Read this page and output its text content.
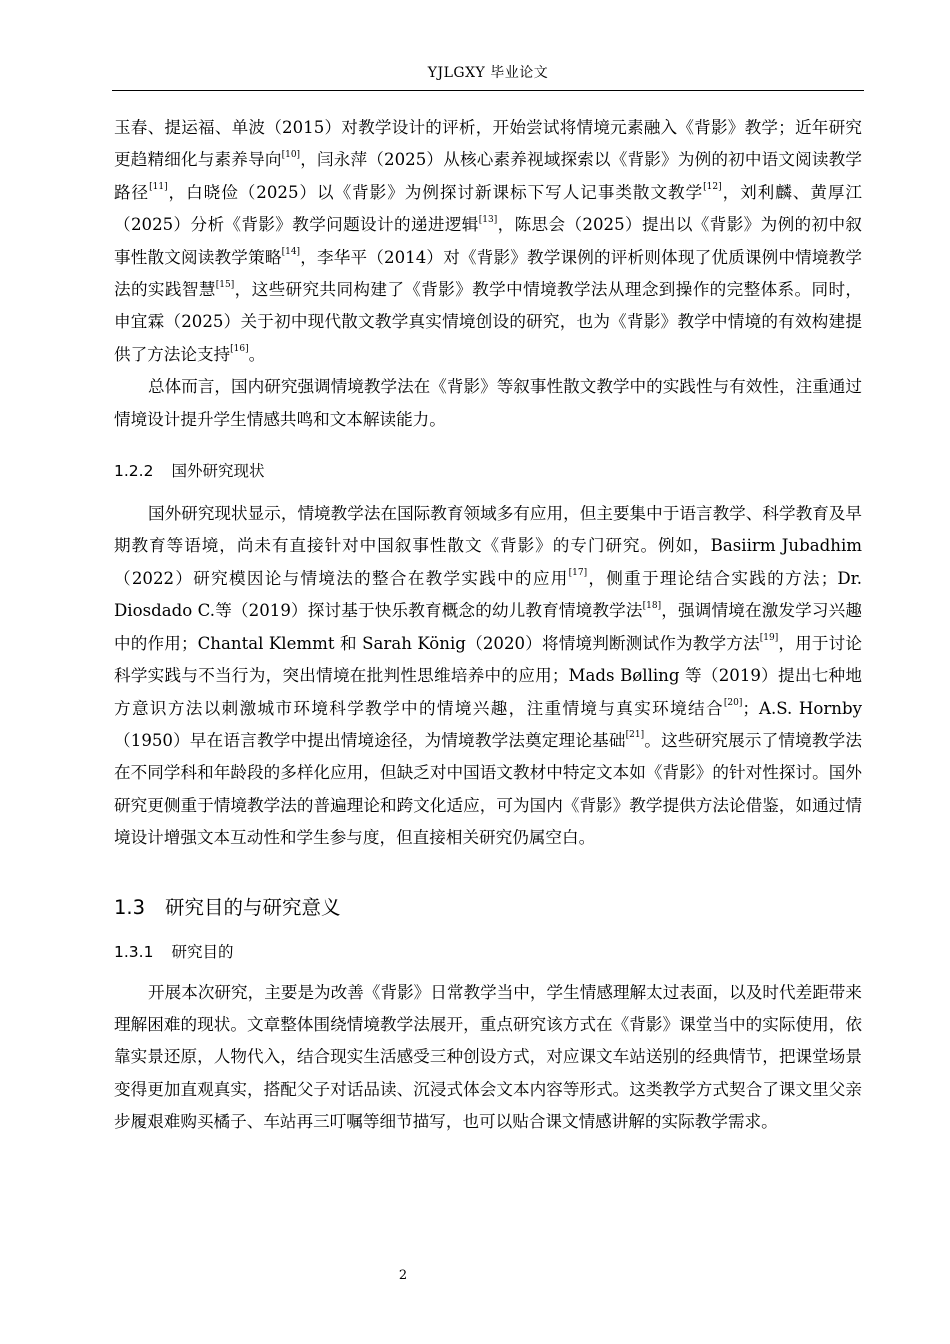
YJLGXY 毕业论文

玉春、提运福、单波（2015）对教学设计的评析，开始尝试将情境元素融入《背影》教学；近年研究更趋精细化与素养导向[10]，闫永萍（2025）从核心素养视域探索以《背影》为例的初中语文阅读教学路径[11]，白晓俭（2025）以《背影》为例探讨新课标下写人记事类散文教学[12]，刘利麟、黄厚江（2025）分析《背影》教学问题设计的递进逻辑[13]，陈思会（2025）提出以《背影》为例的初中叙事性散文阅读教学策略[14]，李华平（2014）对《背影》教学课例的评析则体现了优质课例中情境教学法的实践智慧[15]，这些研究共同构建了《背影》教学中情境教学法从理念到操作的完整体系。同时，申宜霖（2025）关于初中现代散文教学真实情境创设的研究，也为《背影》教学中情境的有效构建提供了方法论支持[16]。

总体而言，国内研究强调情境教学法在《背影》等叙事性散文教学中的实践性与有效性，注重通过情境设计提升学生情感共鸣和文本解读能力。

1.2.2 国外研究现状

国外研究现状显示，情境教学法在国际教育领域多有应用，但主要集中于语言教学、科学教育及早期教育等语境，尚未有直接针对中国叙事性散文《背影》的专门研究。例如，Basiirm Jubadhim（2022）研究模因论与情境法的整合在教学实践中的应用[17]，侧重于理论结合实践的方法；Dr. Diosdado C.等（2019）探讨基于快乐教育概念的幼儿教育情境教学法[18]，强调情境在激发学习兴趣中的作用；Chantal Klemmt 和 Sarah König（2020）将情境判断测试作为教学方法[19]，用于讨论科学实践与不当行为，突出情境在批判性思维培养中的应用；Mads Bølling 等（2019）提出七种地方意识方法以刺激城市环境科学教学中的情境兴趣，注重情境与真实环境结合[20]；A.S. Hornby（1950）早在语言教学中提出情境途径，为情境教学法奠定理论基础[21]。这些研究展示了情境教学法在不同学科和年龄段的多样化应用，但缺乏对中国语文教材中特定文本如《背影》的针对性探讨。国外研究更侧重于情境教学法的普遍理论和跨文化适应，可为国内《背影》教学提供方法论借鉴，如通过情境设计增强文本互动性和学生参与度，但直接相关研究仍属空白。

1.3 研究目的与研究意义
1.3.1 研究目的

开展本次研究，主要是为改善《背影》日常教学当中，学生情感理解太过表面，以及时代差距带来理解困难的现状。文章整体围绕情境教学法展开，重点研究该方式在《背影》课堂当中的实际使用，依靠实景还原，人物代入，结合现实生活感受三种创设方式，对应课文车站送别的经典情节，把课堂场景变得更加直观真实，搭配父子对话品读、沉浸式体会文本内容等形式。这类教学方式契合了课文里父亲步履艰难购买橘子、车站再三叮嘱等细节描写，也可以贴合课文情感讲解的实际教学需求。

2
